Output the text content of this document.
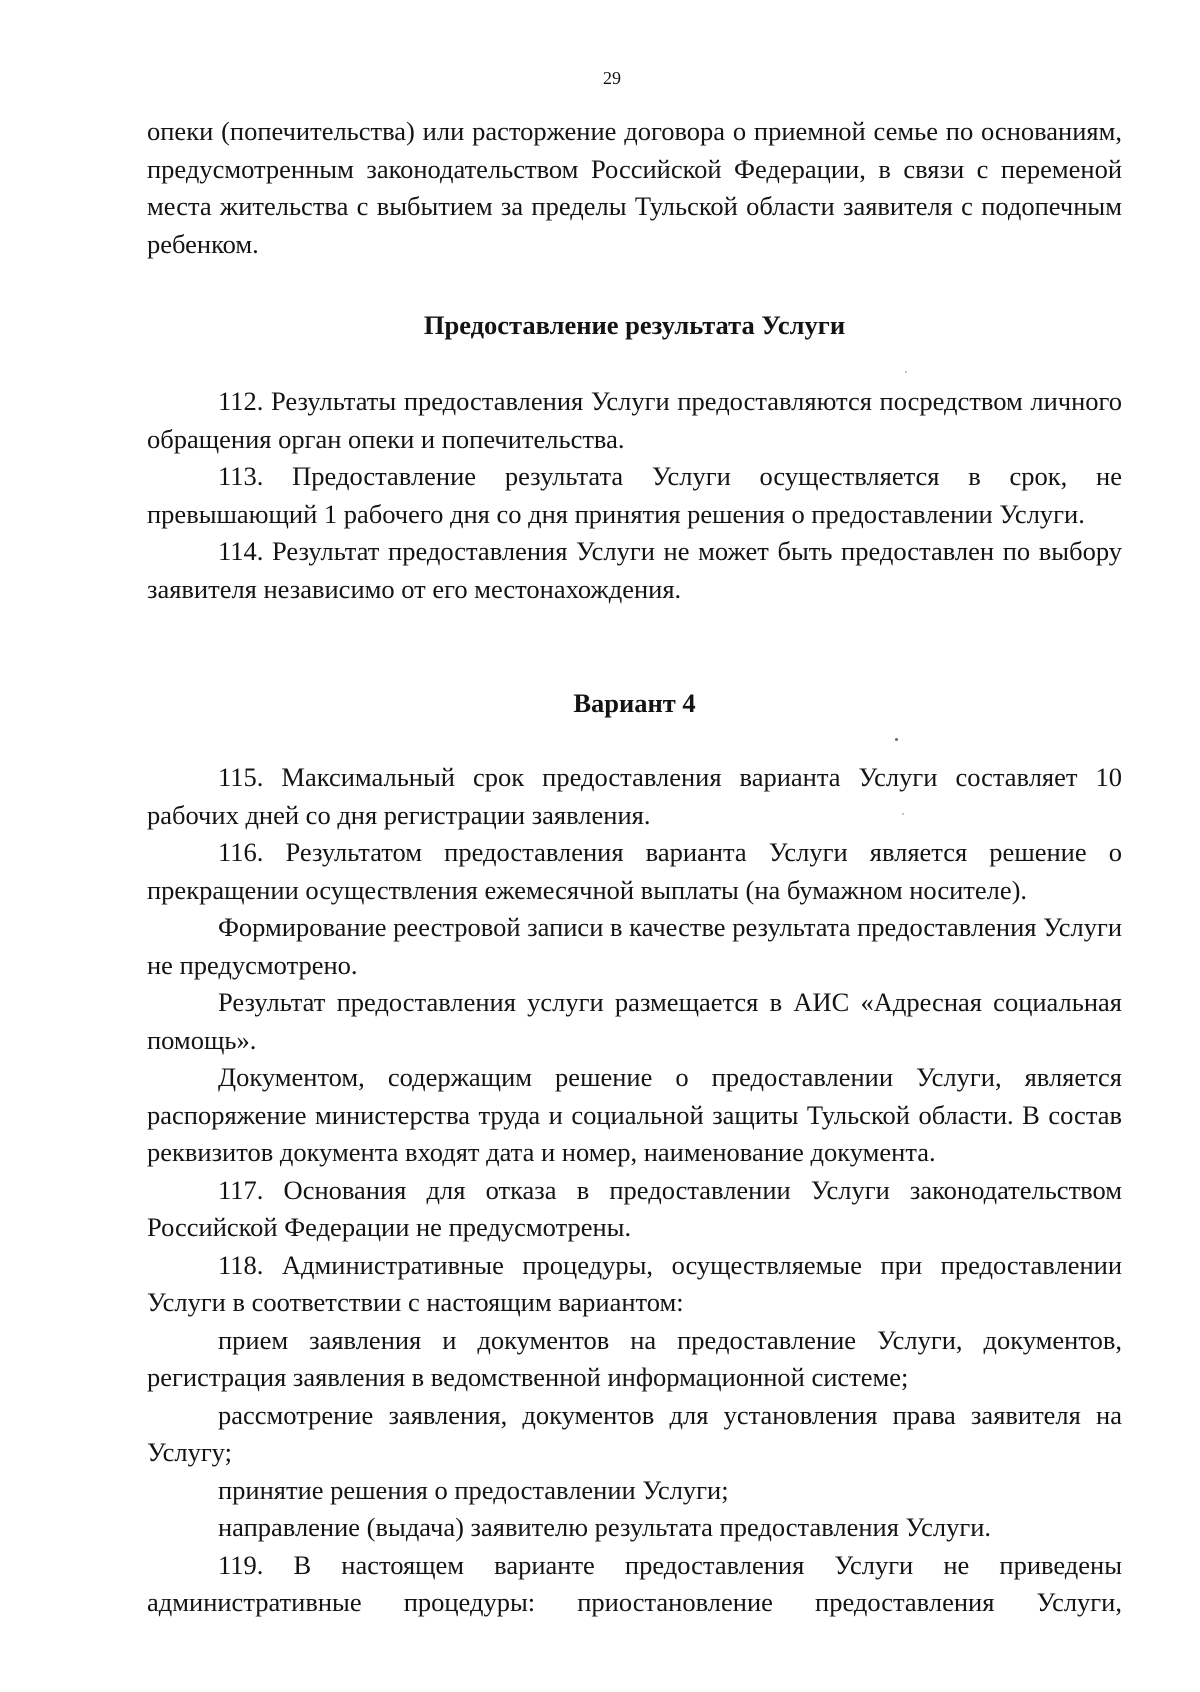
29

опеки (попечительства) или расторжение договора о приемной семье по основаниям, предусмотренным законодательством Российской Федерации, в связи с переменой места жительства с выбытием за пределы Тульской области заявителя с подопечным ребенком.

Предоставление результата Услуги

112. Результаты предоставления Услуги предоставляются посредством личного обращения орган опеки и попечительства.

113. Предоставление результата Услуги осуществляется в срок, не превышающий 1 рабочего дня со дня принятия решения о предоставлении Услуги.

114. Результат предоставления Услуги не может быть предоставлен по выбору заявителя независимо от его местонахождения.

Вариант 4

115. Максимальный срок предоставления варианта Услуги составляет 10 рабочих дней со дня регистрации заявления.

116. Результатом предоставления варианта Услуги является решение о прекращении осуществления ежемесячной выплаты (на бумажном носителе).

Формирование реестровой записи в качестве результата предоставления Услуги не предусмотрено.

Результат предоставления услуги размещается в АИС «Адресная социальная помощь».

Документом, содержащим решение о предоставлении Услуги, является распоряжение министерства труда и социальной защиты Тульской области. В состав реквизитов документа входят дата и номер, наименование документа.

117. Основания для отказа в предоставлении Услуги законодательством Российской Федерации не предусмотрены.

118. Административные процедуры, осуществляемые при предоставлении Услуги в соответствии с настоящим вариантом:

прием заявления и документов на предоставление Услуги, документов, регистрация заявления в ведомственной информационной системе;

рассмотрение заявления, документов для установления права заявителя на Услугу;

принятие решения о предоставлении Услуги;

направление (выдача) заявителю результата предоставления Услуги.

119. В настоящем варианте предоставления Услуги не приведены административные процедуры: приостановление предоставления Услуги,
